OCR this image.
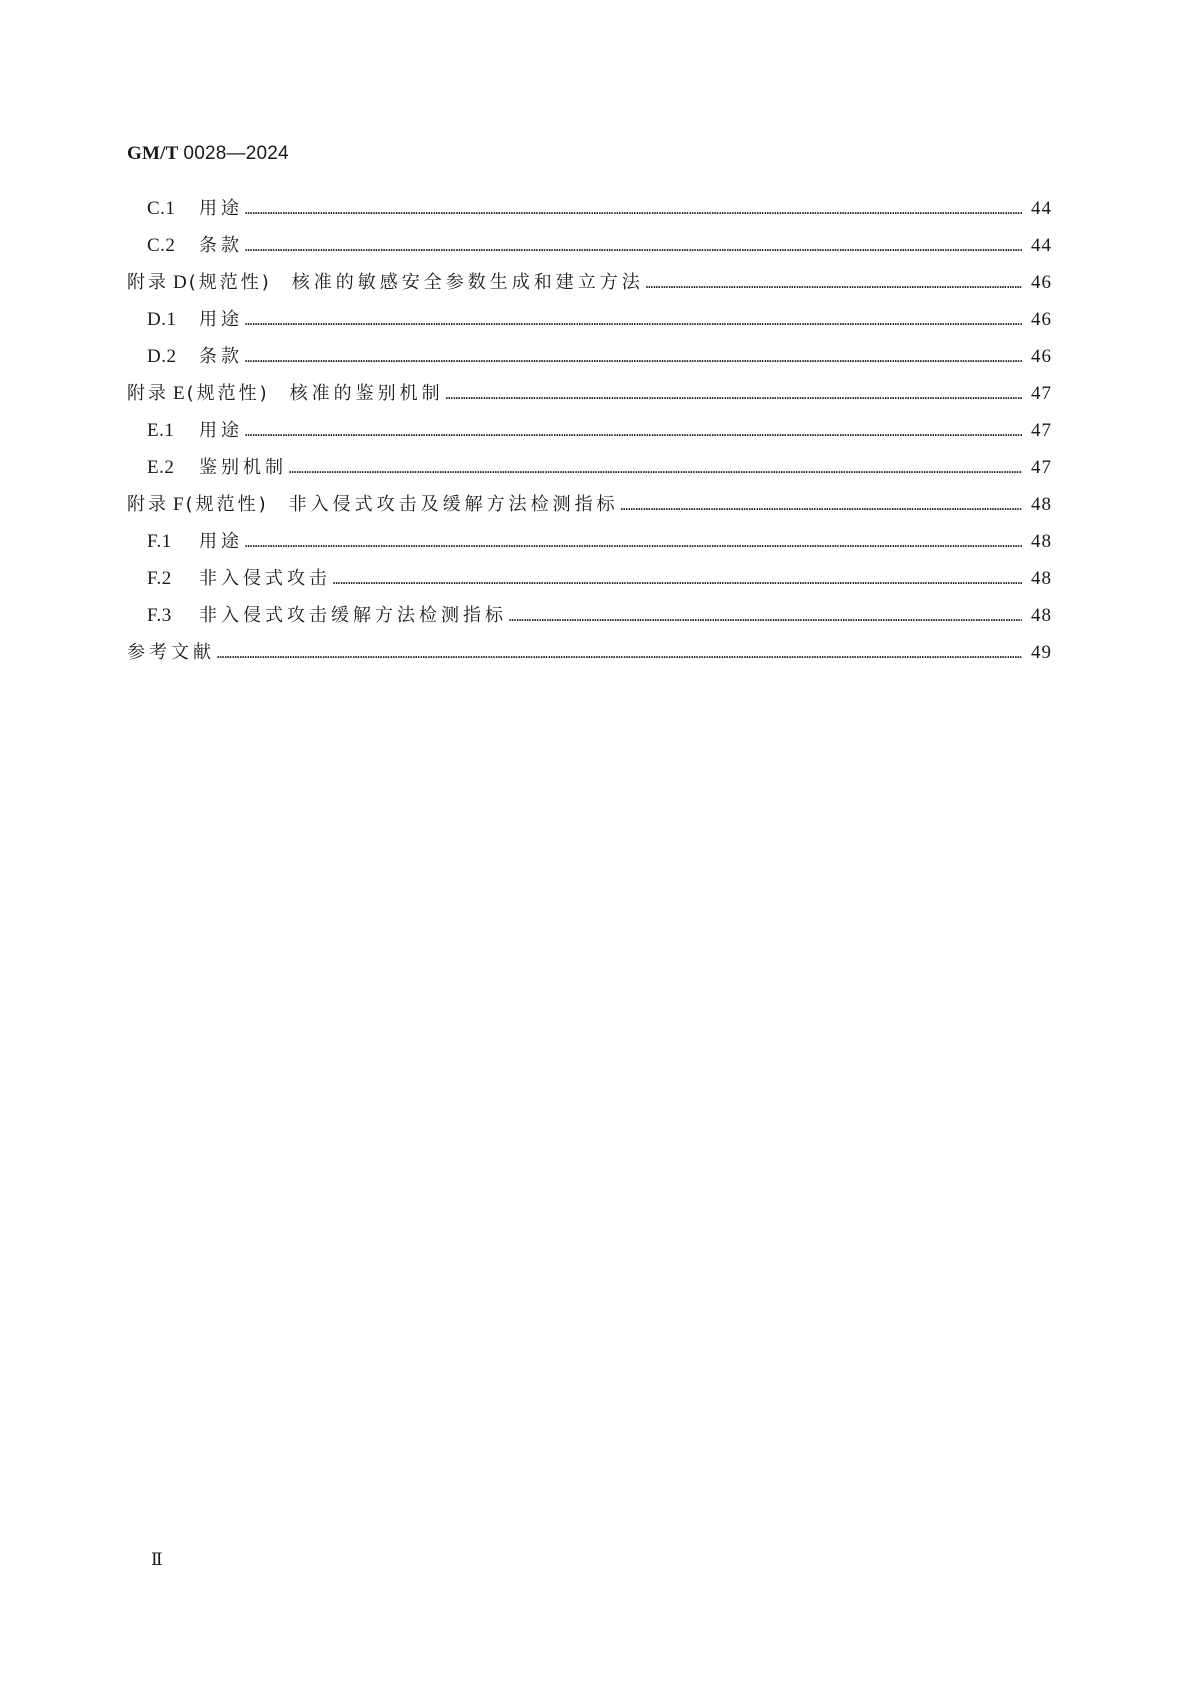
GM/T 0028—2024
C.1	用途 ……………………………………………………………………………………………………………………………………………………………………………………………………………………………………………………………………………………………………………	44
C.2	条款 ……………………………………………………………………………………………………………………………………………………………………………………………………………………………………………………………………………………………………………	44
附录 D (规范性) 核准的敏感安全参数生成和建立方法 ……………………………………………………………………………………………………………………………………………………………………………………………………………………………………………………………………………………………………………	46
D.1	用途 ……………………………………………………………………………………………………………………………………………………………………………………………………………………………………………………………………………………………………………	46
D.2	条款 ……………………………………………………………………………………………………………………………………………………………………………………………………………………………………………………………………………………………………………	46
附录 E (规范性) 核准的鉴别机制 ……………………………………………………………………………………………………………………………………………………………………………………………………………………………………………………………………………………………………………	47
E.1	用途 ……………………………………………………………………………………………………………………………………………………………………………………………………………………………………………………………………………………………………………	47
E.2	鉴别机制 ……………………………………………………………………………………………………………………………………………………………………………………………………………………………………………………………………………………………………………	47
附录 F (规范性) 非入侵式攻击及缓解方法检测指标 ……………………………………………………………………………………………………………………………………………………………………………………………………………………………………………………………………………………………………………	48
F.1	用途 ……………………………………………………………………………………………………………………………………………………………………………………………………………………………………………………………………………………………………………	48
F.2	非入侵式攻击 ……………………………………………………………………………………………………………………………………………………………………………………………………………………………………………………………………………………………………………	48
F.3	非入侵式攻击缓解方法检测指标 ……………………………………………………………………………………………………………………………………………………………………………………………………………………………………………………………………………………………………………	48
参考文献 ……………………………………………………………………………………………………………………………………………………………………………………………………………………………………………………………………………………………………………	49
Ⅱ
